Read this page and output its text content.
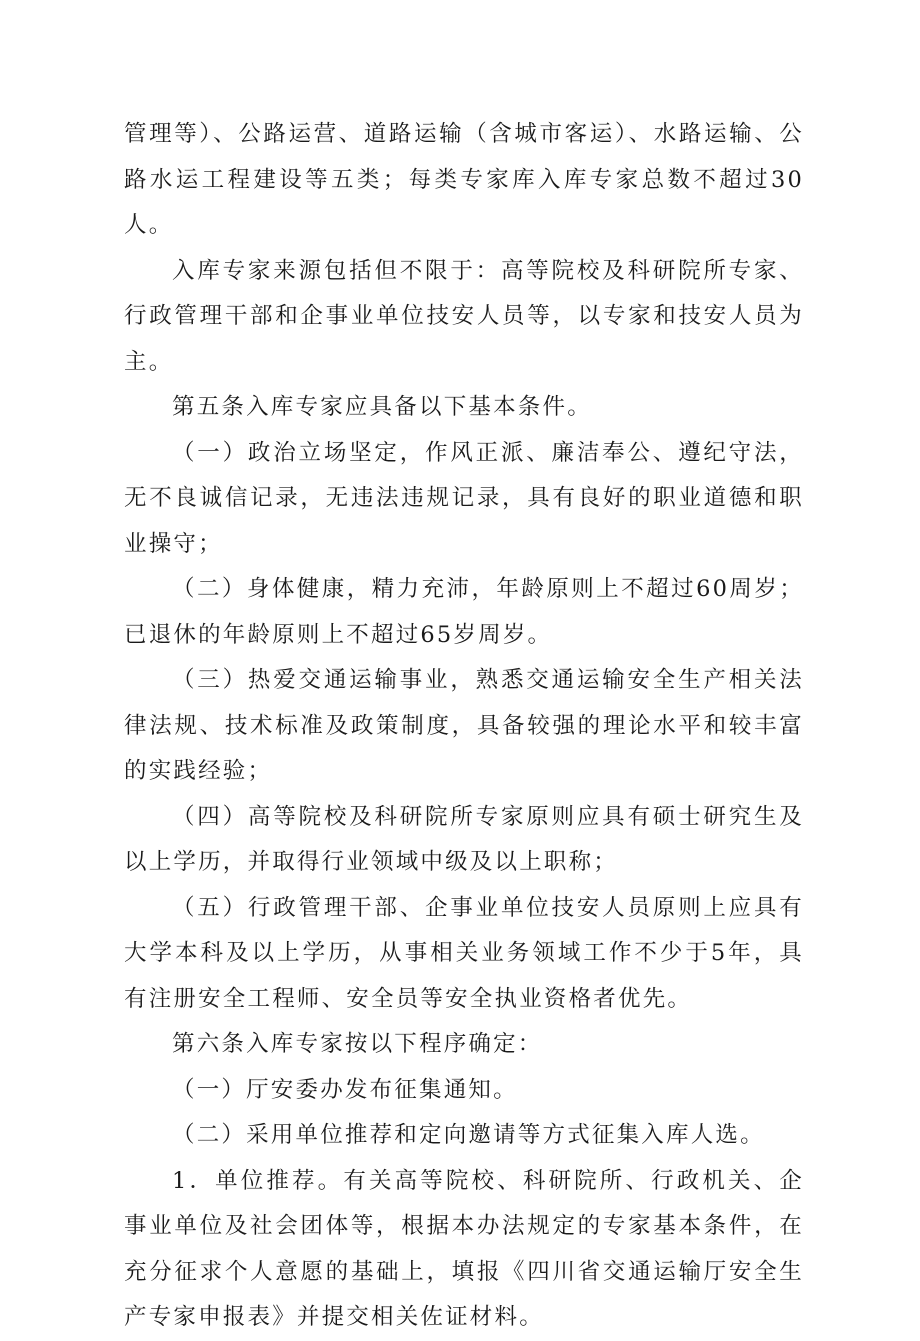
管理等）、公路运营、道路运输（含城市客运）、水路运输、公路水运工程建设等五类；每类专家库入库专家总数不超过30人。

入库专家来源包括但不限于：高等院校及科研院所专家、行政管理干部和企事业单位技安人员等，以专家和技安人员为主。

第五条入库专家应具备以下基本条件。

（一）政治立场坚定，作风正派、廉洁奉公、遵纪守法，无不良诚信记录，无违法违规记录，具有良好的职业道德和职业操守；

（二）身体健康，精力充沛，年龄原则上不超过60周岁；已退休的年龄原则上不超过65岁周岁。

（三）热爱交通运输事业，熟悉交通运输安全生产相关法律法规、技术标准及政策制度，具备较强的理论水平和较丰富的实践经验；

（四）高等院校及科研院所专家原则应具有硕士研究生及以上学历，并取得行业领域中级及以上职称；

（五）行政管理干部、企事业单位技安人员原则上应具有大学本科及以上学历，从事相关业务领域工作不少于5年，具有注册安全工程师、安全员等安全执业资格者优先。

第六条入库专家按以下程序确定：

（一）厅安委办发布征集通知。

（二）采用单位推荐和定向邀请等方式征集入库人选。

1．单位推荐。有关高等院校、科研院所、行政机关、企事业单位及社会团体等，根据本办法规定的专家基本条件，在充分征求个人意愿的基础上，填报《四川省交通运输厅安全生产专家申报表》并提交相关佐证材料。
